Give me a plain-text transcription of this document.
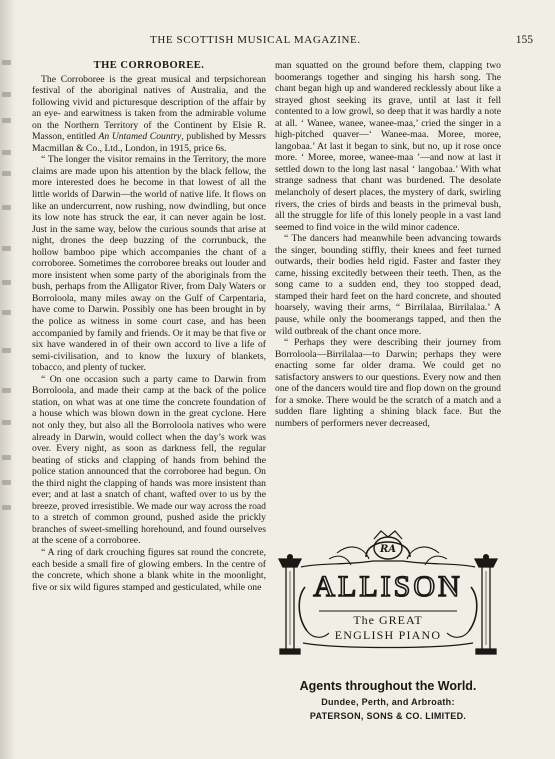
THE SCOTTISH MUSICAL MAGAZINE.	155
THE CORROBOREE.

The Corroboree is the great musical and terpsichorean festival of the aboriginal natives of Australia, and the following vivid and picturesque description of the affair by an eye- and earwitness is taken from the admirable volume on the Northern Territory of the Continent by Elsie R. Masson, entitled An Untamed Country, published by Messrs Macmillan & Co., Ltd., London, in 1915, price 6s.

“ The longer the visitor remains in the Territory, the more claims are made upon his attention by the black fellow, the more interested does he become in that lowest of all the little worlds of Darwin—the world of native life. It flows on like an undercurrent, now rushing, now dwindling, but once its low note has struck the ear, it can never again be lost. Just in the same way, below the curious sounds that arise at night, drones the deep buzzing of the corrunbuck, the hollow bamboo pipe which accompanies the chant of a corroboree. Sometimes the corroboree breaks out louder and more insistent when some party of the aboriginals from the bush, perhaps from the Alligator River, from Daly Waters or Borroloola, many miles away on the Gulf of Carpentaria, have come to Darwin. Possibly one has been brought in by the police as witness in some court case, and has been accompanied by family and friends. Or it may be that five or six have wandered in of their own accord to live a life of semi-civilisation, and to know the luxury of blankets, tobacco, and plenty of tucker.

“ On one occasion such a party came to Darwin from Borroloola, and made their camp at the back of the police station, on what was at one time the concrete foundation of a house which was blown down in the great cyclone. Here not only they, but also all the Borroloola natives who were already in Darwin, would collect when the day’s work was over. Every night, as soon as darkness fell, the regular beating of sticks and clapping of hands from behind the police station announced that the corroboree had begun. On the third night the clapping of hands was more insistent than ever; and at last a snatch of chant, wafted over to us by the breeze, proved irresistible. We made our way across the road to a stretch of common ground, pushed aside the prickly branches of sweet-smelling horehound, and found ourselves at the scene of a corroboree.

“ A ring of dark crouching figures sat round the concrete, each beside a small fire of glowing embers. In the centre of the concrete, which shone a blank white in the moonlight, five or six wild figures stamped and gesticulated, while one

man squatted on the ground before them, clapping two boomerangs together and singing his harsh song. The chant began high up and wandered recklessly about like a strayed ghost seeking its grave, until at last it fell contented to a low growl, so deep that it was hardly a note at all. ‘ Wanee, wanee, wanee-maa,’ cried the singer in a high-pitched quaver—‘ Wanee-maa. Moree, moree, langobaa.’ At last it began to sink, but no, up it rose once more. ‘ Moree, moree, wanee-maa ’—and now at last it settled down to the long last nasal ‘ langobaa.’ With what strange sadness that chant was burdened. The desolate melancholy of desert places, the mystery of dark, swirling rivers, the cries of birds and beasts in the primeval bush, all the struggle for life of this lonely people in a vast land seemed to find voice in the wild minor cadence.

“ The dancers had meanwhile been advancing towards the singer, bounding stiffly, their knees and feet turned outwards, their bodies held rigid. Faster and faster they came, hissing excitedly between their teeth. Then, as the song came to a sudden end, they too stopped dead, stamped their hard feet on the hard concrete, and shouted hoarsely, waving their arms, “ Birrilalaa, Birrilalaa.’ A pause, while only the boomerangs tapped, and then the wild outbreak of the chant once more.

“ Perhaps they were describing their journey from Borroloola—Birrilalaa—to Darwin; perhaps they were enacting some far older drama. We could get no satisfactory answers to our questions. Every now and then one of the dancers would tire and flop down on the ground for a smoke. There would be the scratch of a match and a sudden flare lighting a shining black face. But the numbers of performers never decreased,

RA
ALLISON
The GREAT
ENGLISH PIANO
Agents throughout the World.
Dundee, Perth, and Arbroath:
PATERSON, SONS & CO. LIMITED.
